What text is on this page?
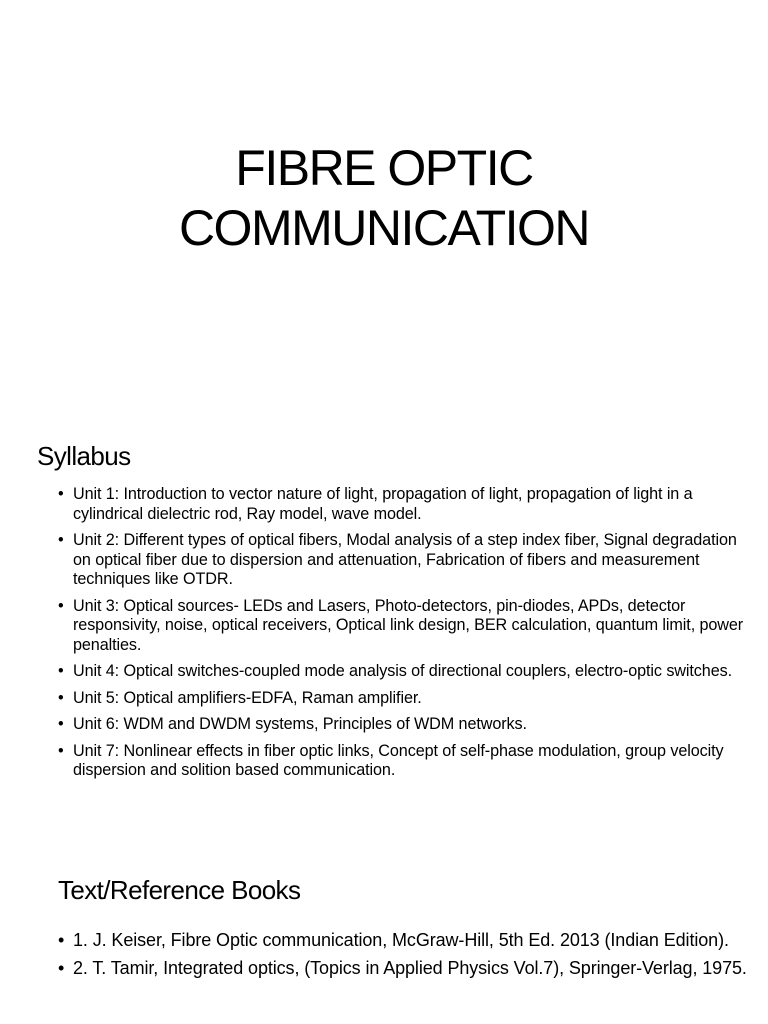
FIBRE OPTIC
COMMUNICATION
Syllabus
• Unit 1: Introduction to vector nature of light, propagation of light, propagation of light in a cylindrical dielectric rod, Ray model, wave model.
• Unit 2: Different types of optical fibers, Modal analysis of a step index fiber, Signal degradation on optical fiber due to dispersion and attenuation, Fabrication of fibers and measurement techniques like OTDR.
• Unit 3: Optical sources- LEDs and Lasers, Photo-detectors, pin-diodes, APDs, detector responsivity, noise, optical receivers, Optical link design, BER calculation, quantum limit, power penalties.
• Unit 4: Optical switches-coupled mode analysis of directional couplers, electro-optic switches.
• Unit 5: Optical amplifiers-EDFA, Raman amplifier.
• Unit 6: WDM and DWDM systems, Principles of WDM networks.
• Unit 7: Nonlinear effects in fiber optic links, Concept of self-phase modulation, group velocity dispersion and solition based communication.
Text/Reference Books
• 1. J. Keiser, Fibre Optic communication, McGraw-Hill, 5th Ed. 2013 (Indian Edition).
• 2. T. Tamir, Integrated optics, (Topics in Applied Physics Vol.7), Springer-Verlag, 1975.
